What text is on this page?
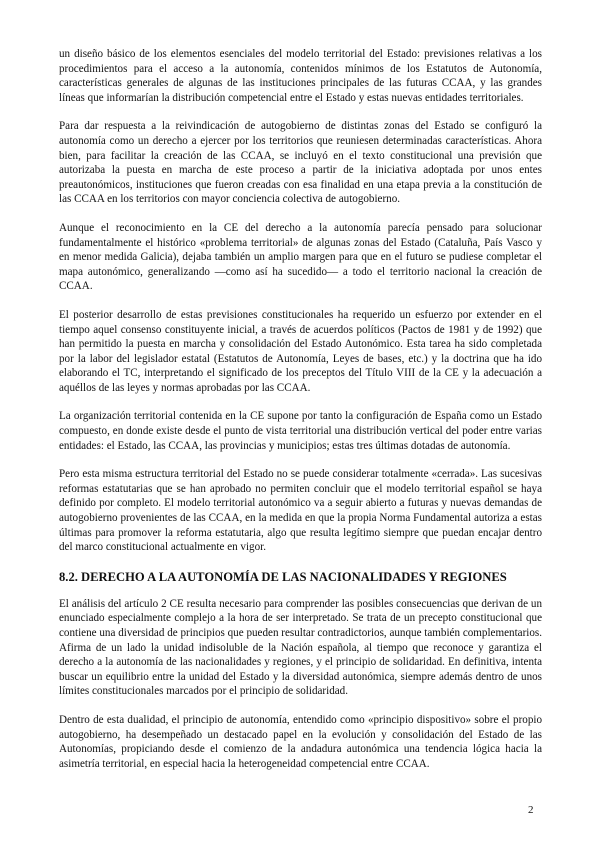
un diseño básico de los elementos esenciales del modelo territorial del Estado: previsiones relativas a los procedimientos para el acceso a la autonomía, contenidos mínimos de los Estatutos de Autonomía, características generales de algunas de las instituciones principales de las futuras CCAA, y las grandes líneas que informarían la distribución competencial entre el Estado y estas nuevas entidades territoriales.

Para dar respuesta a la reivindicación de autogobierno de distintas zonas del Estado se configuró la autonomía como un derecho a ejercer por los territorios que reuniesen determinadas características. Ahora bien, para facilitar la creación de las CCAA, se incluyó en el texto constitucional una previsión que autorizaba la puesta en marcha de este proceso a partir de la iniciativa adoptada por unos entes preautonómicos, instituciones que fueron creadas con esa finalidad en una etapa previa a la constitución de las CCAA en los territorios con mayor conciencia colectiva de autogobierno.

Aunque el reconocimiento en la CE del derecho a la autonomía parecía pensado para solucionar fundamentalmente el histórico «problema territorial» de algunas zonas del Estado (Cataluña, País Vasco y en menor medida Galicia), dejaba también un amplio margen para que en el futuro se pudiese completar el mapa autonómico, generalizando —como así ha sucedido— a todo el territorio nacional la creación de CCAA.

El posterior desarrollo de estas previsiones constitucionales ha requerido un esfuerzo por extender en el tiempo aquel consenso constituyente inicial, a través de acuerdos políticos (Pactos de 1981 y de 1992) que han permitido la puesta en marcha y consolidación del Estado Autonómico. Esta tarea ha sido completada por la labor del legislador estatal (Estatutos de Autonomía, Leyes de bases, etc.) y la doctrina que ha ido elaborando el TC, interpretando el significado de los preceptos del Título VIII de la CE y la adecuación a aquéllos de las leyes y normas aprobadas por las CCAA.

La organización territorial contenida en la CE supone por tanto la configuración de España como un Estado compuesto, en donde existe desde el punto de vista territorial una distribución vertical del poder entre varias entidades: el Estado, las CCAA, las provincias y municipios; estas tres últimas dotadas de autonomía.

Pero esta misma estructura territorial del Estado no se puede considerar totalmente «cerrada». Las sucesivas reformas estatutarias que se han aprobado no permiten concluir que el modelo territorial español se haya definido por completo. El modelo territorial autonómico va a seguir abierto a futuras y nuevas demandas de autogobierno provenientes de las CCAA, en la medida en que la propia Norma Fundamental autoriza a estas últimas para promover la reforma estatutaria, algo que resulta legítimo siempre que puedan encajar dentro del marco constitucional actualmente en vigor.

8.2. DERECHO A LA AUTONOMÍA DE LAS NACIONALIDADES Y REGIONES

El análisis del artículo 2 CE resulta necesario para comprender las posibles consecuencias que derivan de un enunciado especialmente complejo a la hora de ser interpretado. Se trata de un precepto constitucional que contiene una diversidad de principios que pueden resultar contradictorios, aunque también complementarios. Afirma de un lado la unidad indisoluble de la Nación española, al tiempo que reconoce y garantiza el derecho a la autonomía de las nacionalidades y regiones, y el principio de solidaridad. En definitiva, intenta buscar un equilibrio entre la unidad del Estado y la diversidad autonómica, siempre además dentro de unos límites constitucionales marcados por el principio de solidaridad.

Dentro de esta dualidad, el principio de autonomía, entendido como «principio dispositivo» sobre el propio autogobierno, ha desempeñado un destacado papel en la evolución y consolidación del Estado de las Autonomías, propiciando desde el comienzo de la andadura autonómica una tendencia lógica hacia la asimetría territorial, en especial hacia la heterogeneidad competencial entre CCAA.

2
